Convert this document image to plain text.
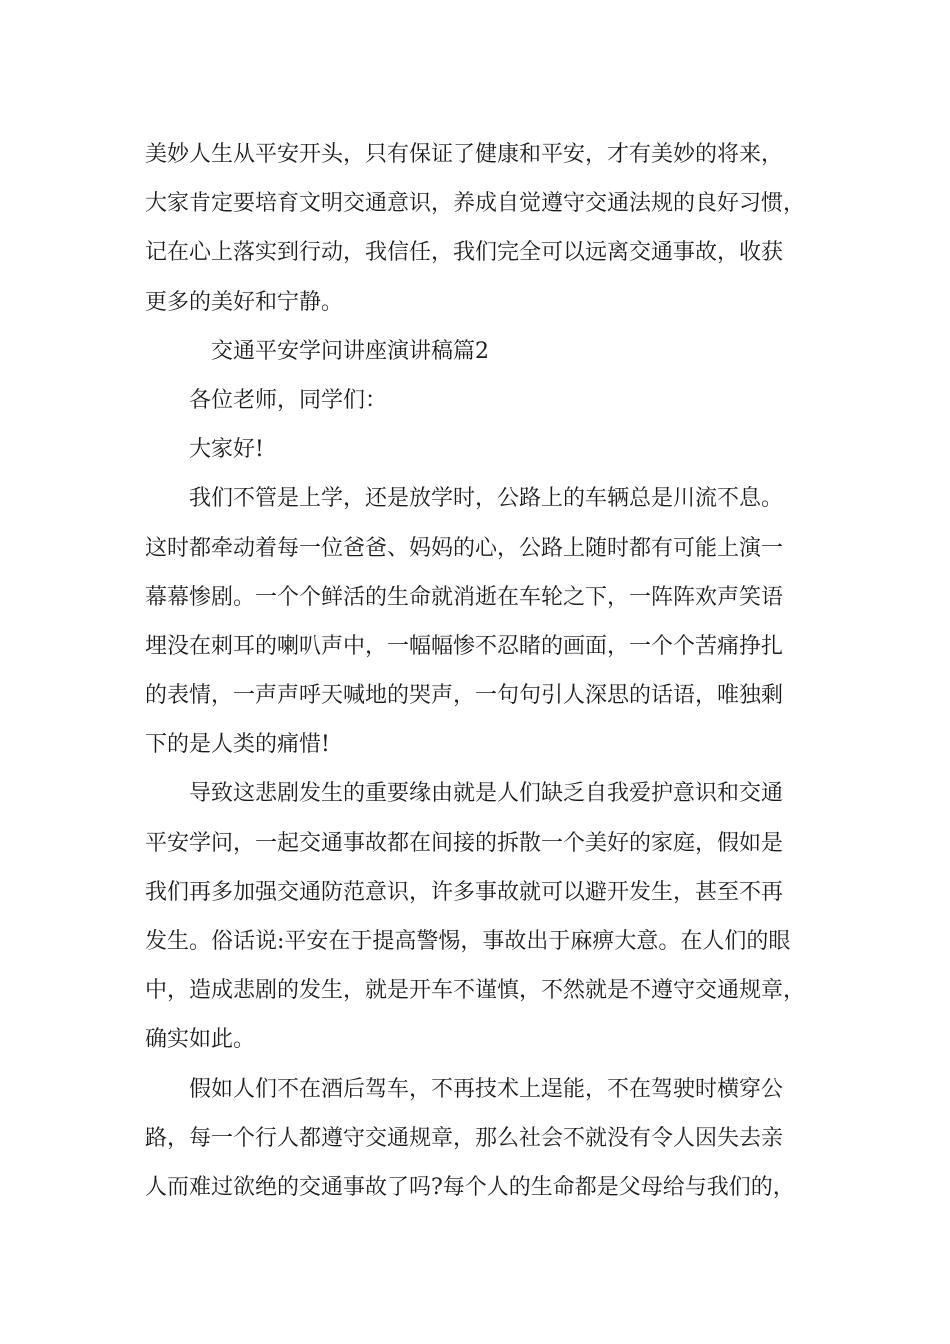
美妙人生从平安开头，只有保证了健康和平安，才有美妙的将来，
大家肯定要培育文明交通意识，养成自觉遵守交通法规的良好习惯，
记在心上落实到行动，我信任，我们完全可以远离交通事故，收获
更多的美好和宁静。
交通平安学问讲座演讲稿篇2
各位老师，同学们：
大家好!
我们不管是上学，还是放学时，公路上的车辆总是川流不息。
这时都牵动着每一位爸爸、妈妈的心，公路上随时都有可能上演一
幕幕惨剧。一个个鲜活的生命就消逝在车轮之下，一阵阵欢声笑语
埋没在刺耳的喇叭声中，一幅幅惨不忍睹的画面，一个个苦痛挣扎
的表情，一声声呼天喊地的哭声，一句句引人深思的话语，唯独剩
下的是人类的痛惜!
导致这悲剧发生的重要缘由就是人们缺乏自我爱护意识和交通
平安学问，一起交通事故都在间接的拆散一个美好的家庭，假如是
我们再多加强交通防范意识，许多事故就可以避开发生，甚至不再
发生。俗话说:平安在于提高警惕，事故出于麻痹大意。在人们的眼
中，造成悲剧的发生，就是开车不谨慎，不然就是不遵守交通规章，
确实如此。
假如人们不在酒后驾车，不再技术上逞能，不在驾驶时横穿公
路，每一个行人都遵守交通规章，那么社会不就没有令人因失去亲
人而难过欲绝的交通事故了吗?每个人的生命都是父母给与我们的，
